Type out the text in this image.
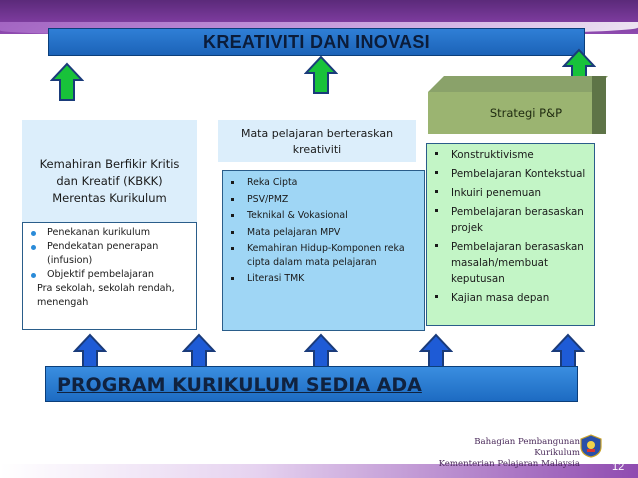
KREATIVITI DAN INOVASI
Kemahiran Berfikir Kritis
dan Kreatif (KBKK)
Merentas Kurikulum
Penekanan kurikulum
Pendekatan penerapan (infusion)
Objektif pembelajaran
Pra sekolah, sekolah rendah, menengah
Mata pelajaran berteraskan
kreativiti
Reka Cipta
PSV/PMZ
Teknikal & Vokasional
Mata pelajaran MPV
Kemahiran Hidup-Komponen reka cipta dalam mata pelajaran
Literasi TMK
Strategi P&P
Konstruktivisme
Pembelajaran Kontekstual
Inkuiri penemuan
Pembelajaran berasaskan projek
Pembelajaran berasaskan masalah/membuat keputusan
Kajian masa depan
PROGRAM KURIKULUM SEDIA ADA
Bahagian Pembangunan Kurikulum
Kementerian Pelajaran Malaysia	12
